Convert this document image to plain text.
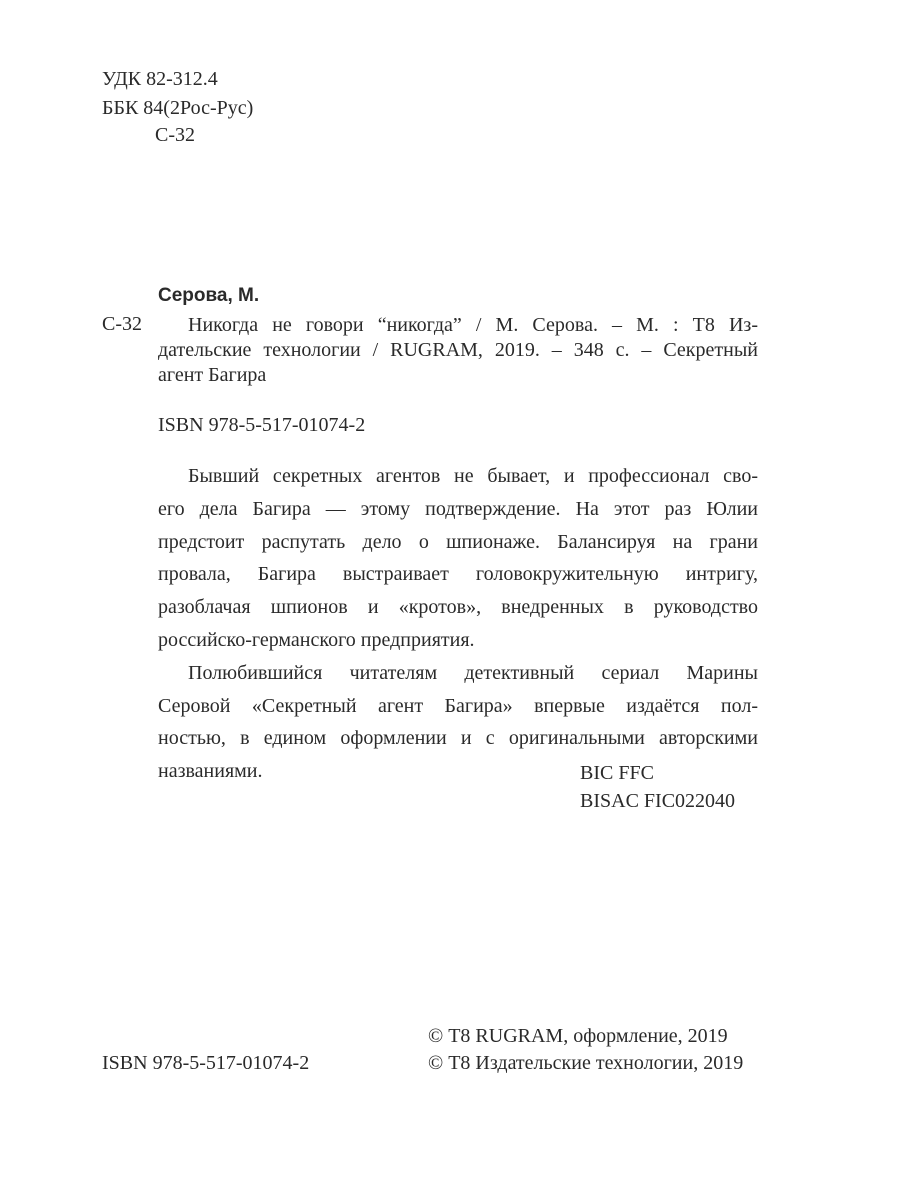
УДК 82-312.4
ББК 84(2Рос-Рус)
С-32
Серова, М.
С-32	Никогда не говори “никогда” / М. Серова. – М. : Т8 Из-
дательские технологии / RUGRAM, 2019. – 348 с. – Секретный
агент Багира
ISBN 978-5-517-01074-2
Бывший секретных агентов не бывает, и профессионал сво-
его дела Багира — этому подтверждение. На этот раз Юлии
предстоит распутать дело о шпионаже. Балансируя на грани
провала, Багира выстраивает головокружительную интригу,
разоблачая шпионов и «кротов», внедренных в руководство
российско-германского предприятия.
Полюбившийся читателям детективный сериал Марины
Серовой «Секретный агент Багира» впервые издаётся пол-
ностью, в едином оформлении и с оригинальными авторскими
названиями.	BIC FFC
BISAC FIC022040
ISBN 978-5-517-01074-2
© Т8 RUGRAM, оформление, 2019
© Т8 Издательские технологии, 2019
